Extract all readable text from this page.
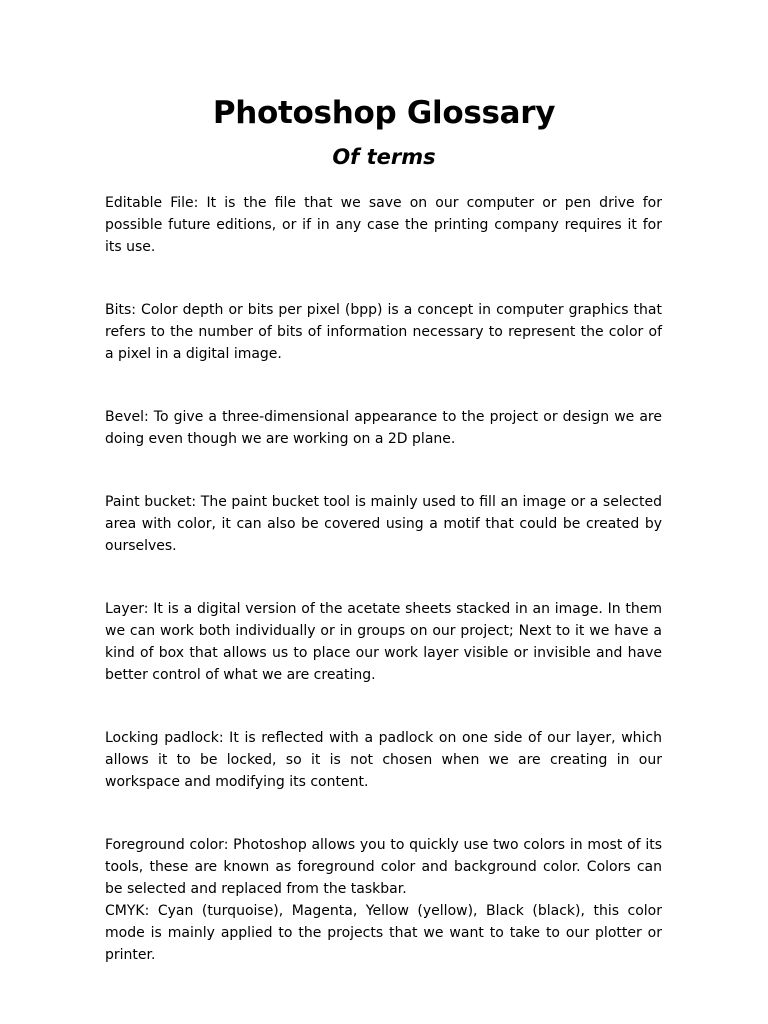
Photoshop Glossary
Of terms

Editable File: It is the file that we save on our computer or pen drive for possible future editions, or if in any case the printing company requires it for its use.

Bits: Color depth or bits per pixel (bpp) is a concept in computer graphics that refers to the number of bits of information necessary to represent the color of a pixel in a digital image.

Bevel: To give a three-dimensional appearance to the project or design we are doing even though we are working on a 2D plane.

Paint bucket: The paint bucket tool is mainly used to fill an image or a selected area with color, it can also be covered using a motif that could be created by ourselves.

Layer: It is a digital version of the acetate sheets stacked in an image. In them we can work both individually or in groups on our project; Next to it we have a kind of box that allows us to place our work layer visible or invisible and have better control of what we are creating.

Locking padlock: It is reflected with a padlock on one side of our layer, which allows it to be locked, so it is not chosen when we are creating in our workspace and modifying its content.

Foreground color: Photoshop allows you to quickly use two colors in most of its tools, these are known as foreground color and background color. Colors can be selected and replaced from the taskbar.

CMYK: Cyan (turquoise), Magenta, Yellow (yellow), Black (black), this color mode is mainly applied to the projects that we want to take to our plotter or printer.
